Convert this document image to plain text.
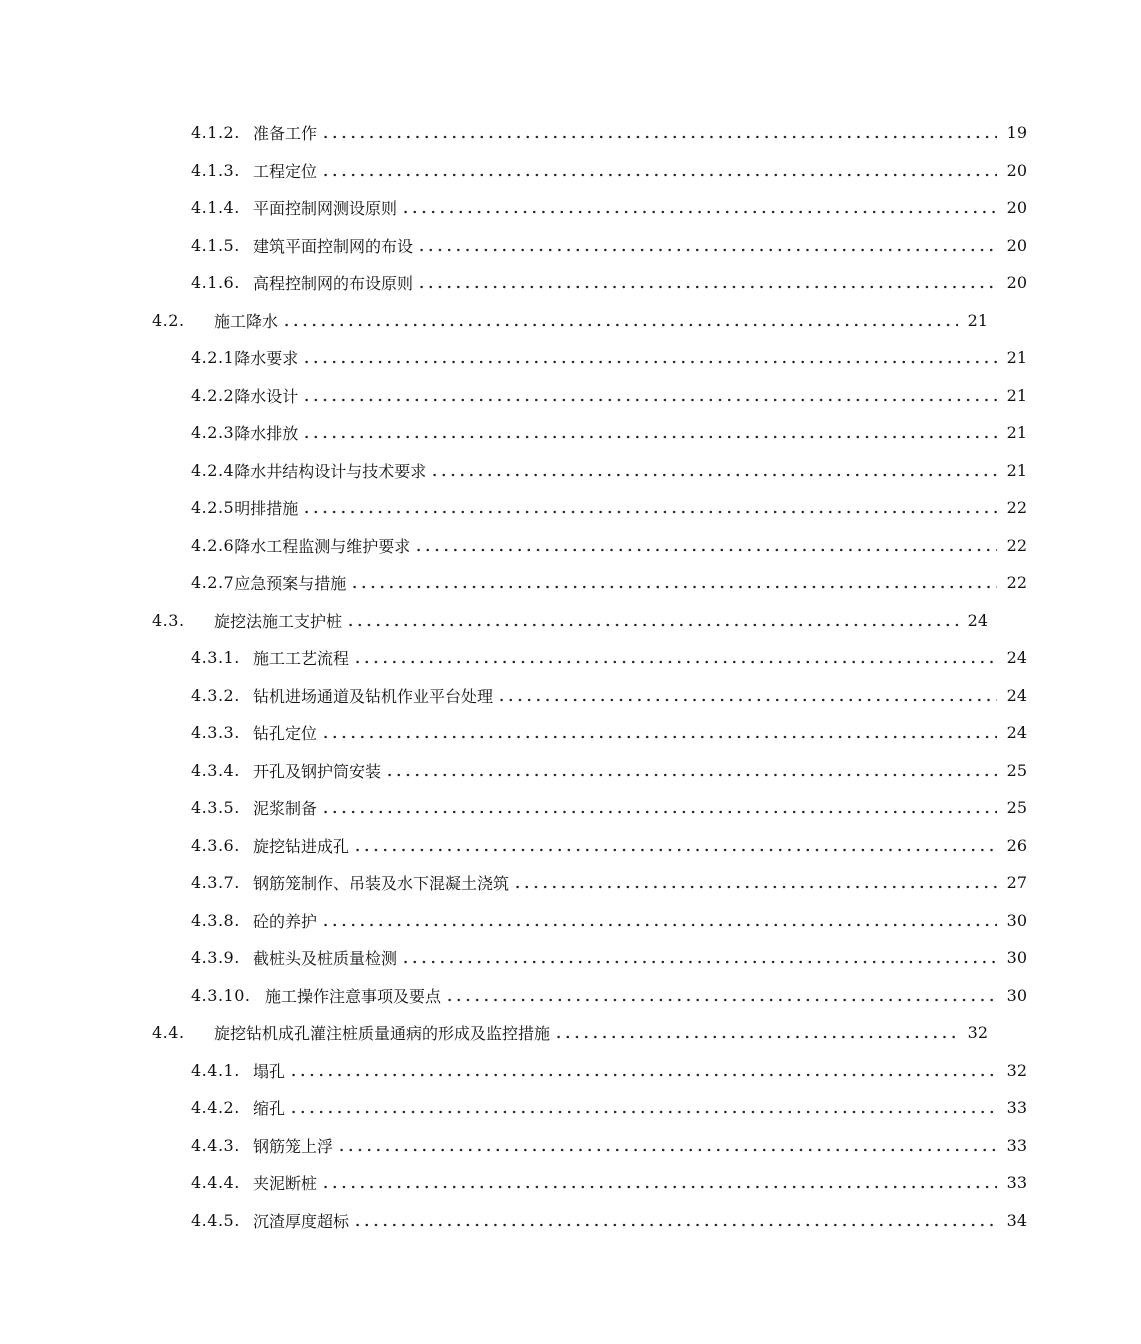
4.1.2. 准备工作	19
4.1.3. 工程定位	20
4.1.4. 平面控制网测设原则	20
4.1.5. 建筑平面控制网的布设	20
4.1.6. 高程控制网的布设原则	20
4.2.	施工降水	21
4.2.1 降水要求	21
4.2.2 降水设计	21
4.2.3 降水排放	21
4.2.4 降水井结构设计与技术要求	21
4.2.5 明排措施	22
4.2.6 降水工程监测与维护要求	22
4.2.7 应急预案与措施	22
4.3.	旋挖法施工支护桩	24
4.3.1. 施工工艺流程	24
4.3.2. 钻机进场通道及钻机作业平台处理	24
4.3.3. 钻孔定位	24
4.3.4. 开孔及钢护筒安装	25
4.3.5. 泥浆制备	25
4.3.6. 旋挖钻进成孔	26
4.3.7. 钢筋笼制作、吊装及水下混凝土浇筑	27
4.3.8. 砼的养护	30
4.3.9. 截桩头及桩质量检测	30
4.3.10. 施工操作注意事项及要点	30
4.4.	旋挖钻机成孔灌注桩质量通病的形成及监控措施	32
4.4.1. 塌孔	32
4.4.2. 缩孔	33
4.4.3. 钢筋笼上浮	33
4.4.4. 夹泥断桩	33
4.4.5. 沉渣厚度超标	34
